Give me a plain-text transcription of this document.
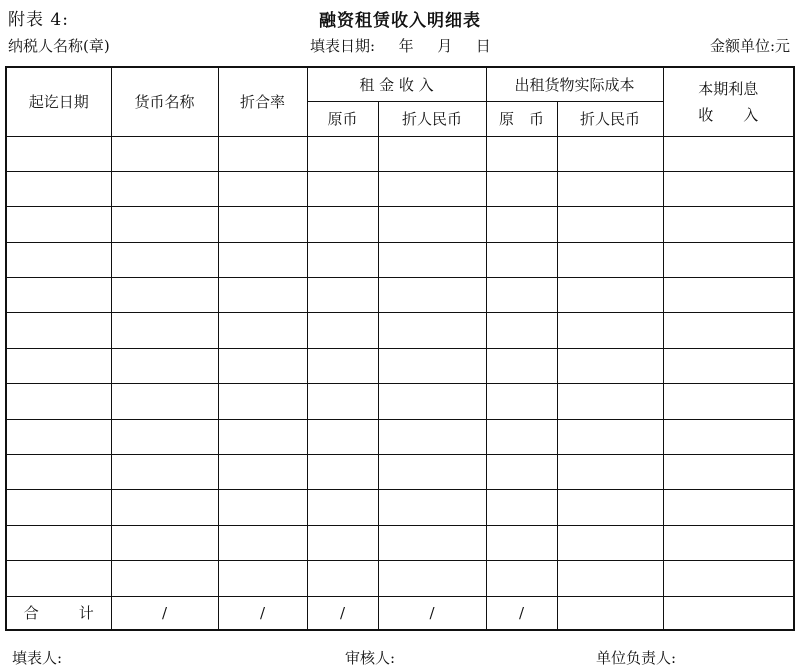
附表 4:	融资租赁收入明细表
纳税人名称(章)	填表日期: 年 月 日	金额单位:元
起讫日期	货币名称	折合率	租 金 收 入		出租货物实际成本		本期利息
收　　入

			原币	折人民币	原　币	折人民币	

合 计	/	/	/	/	/		
填表人:	审核人:	单位负责人:
